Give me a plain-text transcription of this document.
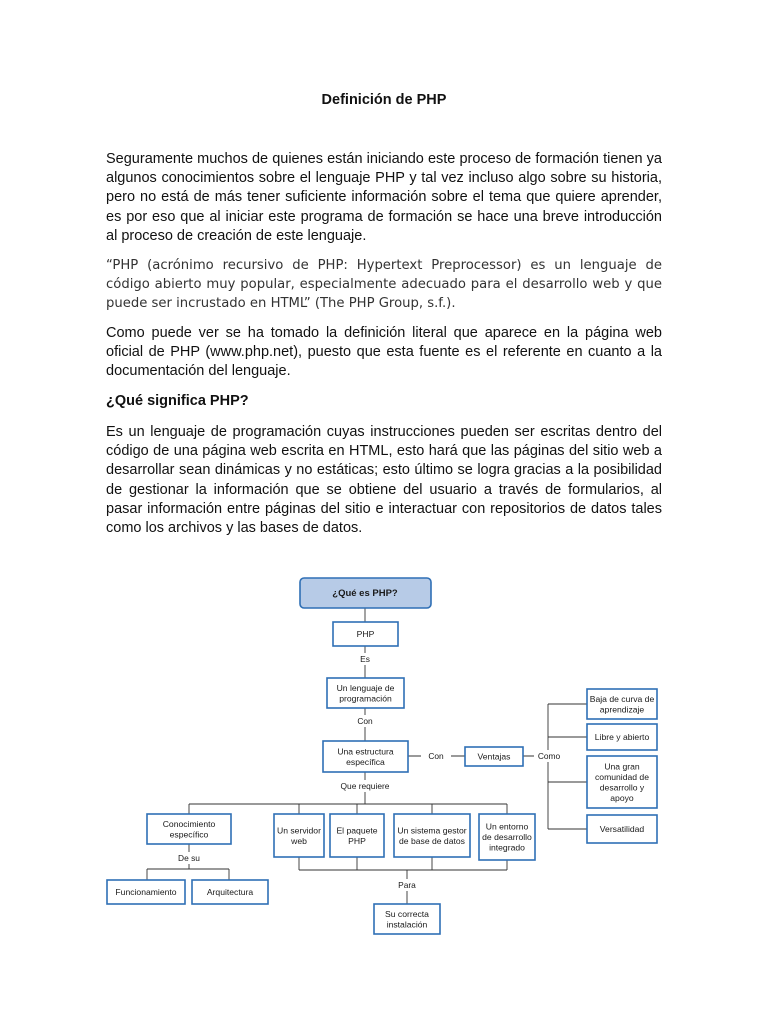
Definición de PHP

Seguramente muchos de quienes están iniciando este proceso de formación tienen ya algunos conocimientos sobre el lenguaje PHP y tal vez incluso algo sobre su historia, pero no está de más tener suficiente información sobre el tema que quiere aprender, es por eso que al iniciar este programa de formación se hace una breve introducción al proceso de creación de este lenguaje.

“PHP (acrónimo recursivo de PHP: Hypertext Preprocessor) es un lenguaje de código abierto muy popular, especialmente adecuado para el desarrollo web y que puede ser incrustado en HTML” (The PHP Group, s.f.).

Como puede ver se ha tomado la definición literal que aparece en la página web oficial de PHP (www.php.net), puesto que esta fuente es el referente en cuanto a la documentación del lenguaje.

¿Qué significa PHP?

Es un lenguaje de programación cuyas instrucciones pueden ser escritas dentro del código de una página web escrita en HTML, esto hará que las páginas del sitio web a desarrollar sean dinámicas y no estáticas; esto último se logra gracias a la posibilidad de gestionar la información que se obtiene del usuario a través de formularios, al pasar información entre páginas del sitio e interactuar con repositorios de datos tales como los archivos y las bases de datos.

¿Qué es PHP?
PHP
Un lenguaje de programación
Una estructura específica
Ventajas
Baja de curva de aprendizaje
Libre y abierto
Una gran comunidad de desarrollo y apoyo
Versatilidad
Conocimiento específico	Un servidor web
El paquete PHP
Un sistema gestor de base de datos
Un entorno de desarrollo integrado
Funcionamiento	Arquitectura
Su correcta instalación
Es
Con
Con	Como
Que requiere
De su
Para
